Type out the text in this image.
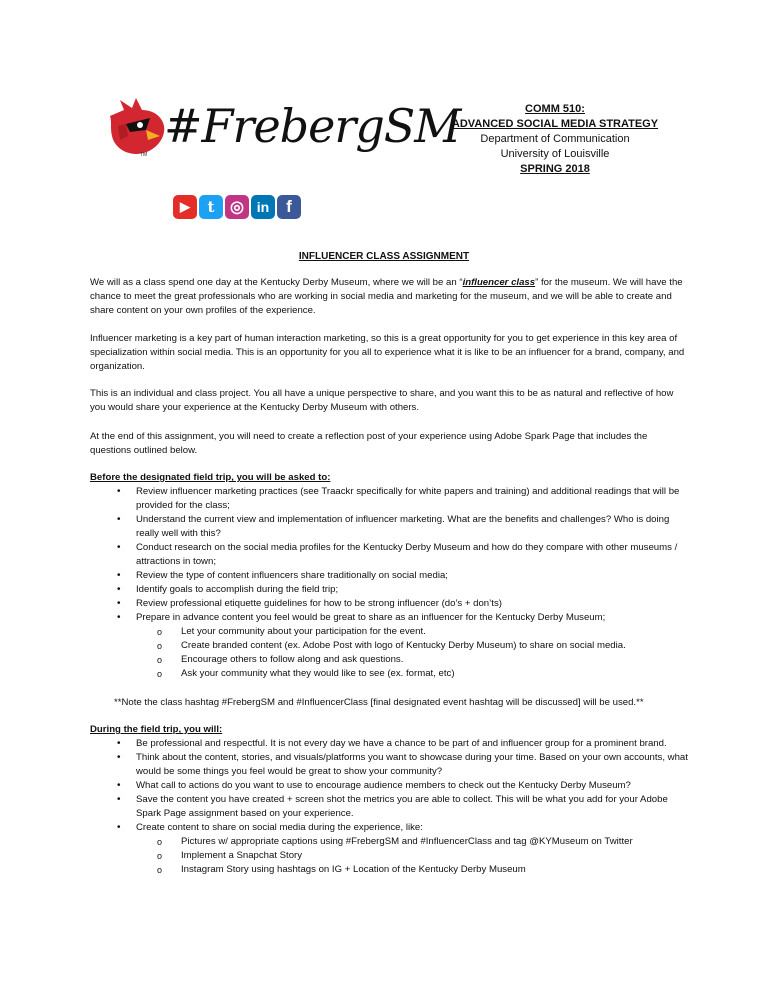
TM
#FrebergSM	COMM 510:
ADVANCED SOCIAL MEDIA STRATEGY
Department of Communication
University of Louisville
SPRING 2018
▶	t ◎ in f
INFLUENCER CLASS ASSIGNMENT

We will as a class spend one day at the Kentucky Derby Museum, where we will be an “influencer class” for the museum. We will have the chance to meet the great professionals who are working in social media and marketing for the museum, and we will be able to create and share content on your own profiles of the experience.

Influencer marketing is a key part of human interaction marketing, so this is a great opportunity for you to get experience in this key area of specialization within social media. This is an opportunity for you all to experience what it is like to be an influencer for a brand, company, and organization.

This is an individual and class project. You all have a unique perspective to share, and you want this to be as natural and reflective of how you would share your experience at the Kentucky Derby Museum with others.

At the end of this assignment, you will need to create a reflection post of your experience using Adobe Spark Page that includes the questions outlined below.

Before the designated field trip, you will be asked to:
• Review influencer marketing practices (see Traackr specifically for white papers and training) and additional readings that will be provided for the class;
• Understand the current view and implementation of influencer marketing. What are the benefits and challenges? Who is doing really well with this?
• Conduct research on the social media profiles for the Kentucky Derby Museum and how do they compare with other museums / attractions in town;
• Review the type of content influencers share traditionally on social media;
• Identify goals to accomplish during the field trip;
• Review professional etiquette guidelines for how to be strong influencer (do’s + don’ts)
• Prepare in advance content you feel would be great to share as an influencer for the Kentucky Derby Museum;
o Let your community about your participation for the event.
o Create branded content (ex. Adobe Post with logo of Kentucky Derby Museum) to share on social media.
o Encourage others to follow along and ask questions.
o Ask your community what they would like to see (ex. format, etc)
**Note the class hashtag #FrebergSM and #InfluencerClass [final designated event hashtag will be discussed] will be used.**
During the field trip, you will:
• Be professional and respectful. It is not every day we have a chance to be part of and influencer group for a prominent brand.
• Think about the content, stories, and visuals/platforms you want to showcase during your time. Based on your own accounts, what would be some things you feel would be great to show your community?
• What call to actions do you want to use to encourage audience members to check out the Kentucky Derby Museum?
• Save the content you have created + screen shot the metrics you are able to collect. This will be what you add for your Adobe Spark Page assignment based on your experience.
• Create content to share on social media during the experience, like:
o Pictures w/ appropriate captions using #FrebergSM and #InfluencerClass and tag @KYMuseum on Twitter
o Implement a Snapchat Story
o Instagram Story using hashtags on IG + Location of the Kentucky Derby Museum
